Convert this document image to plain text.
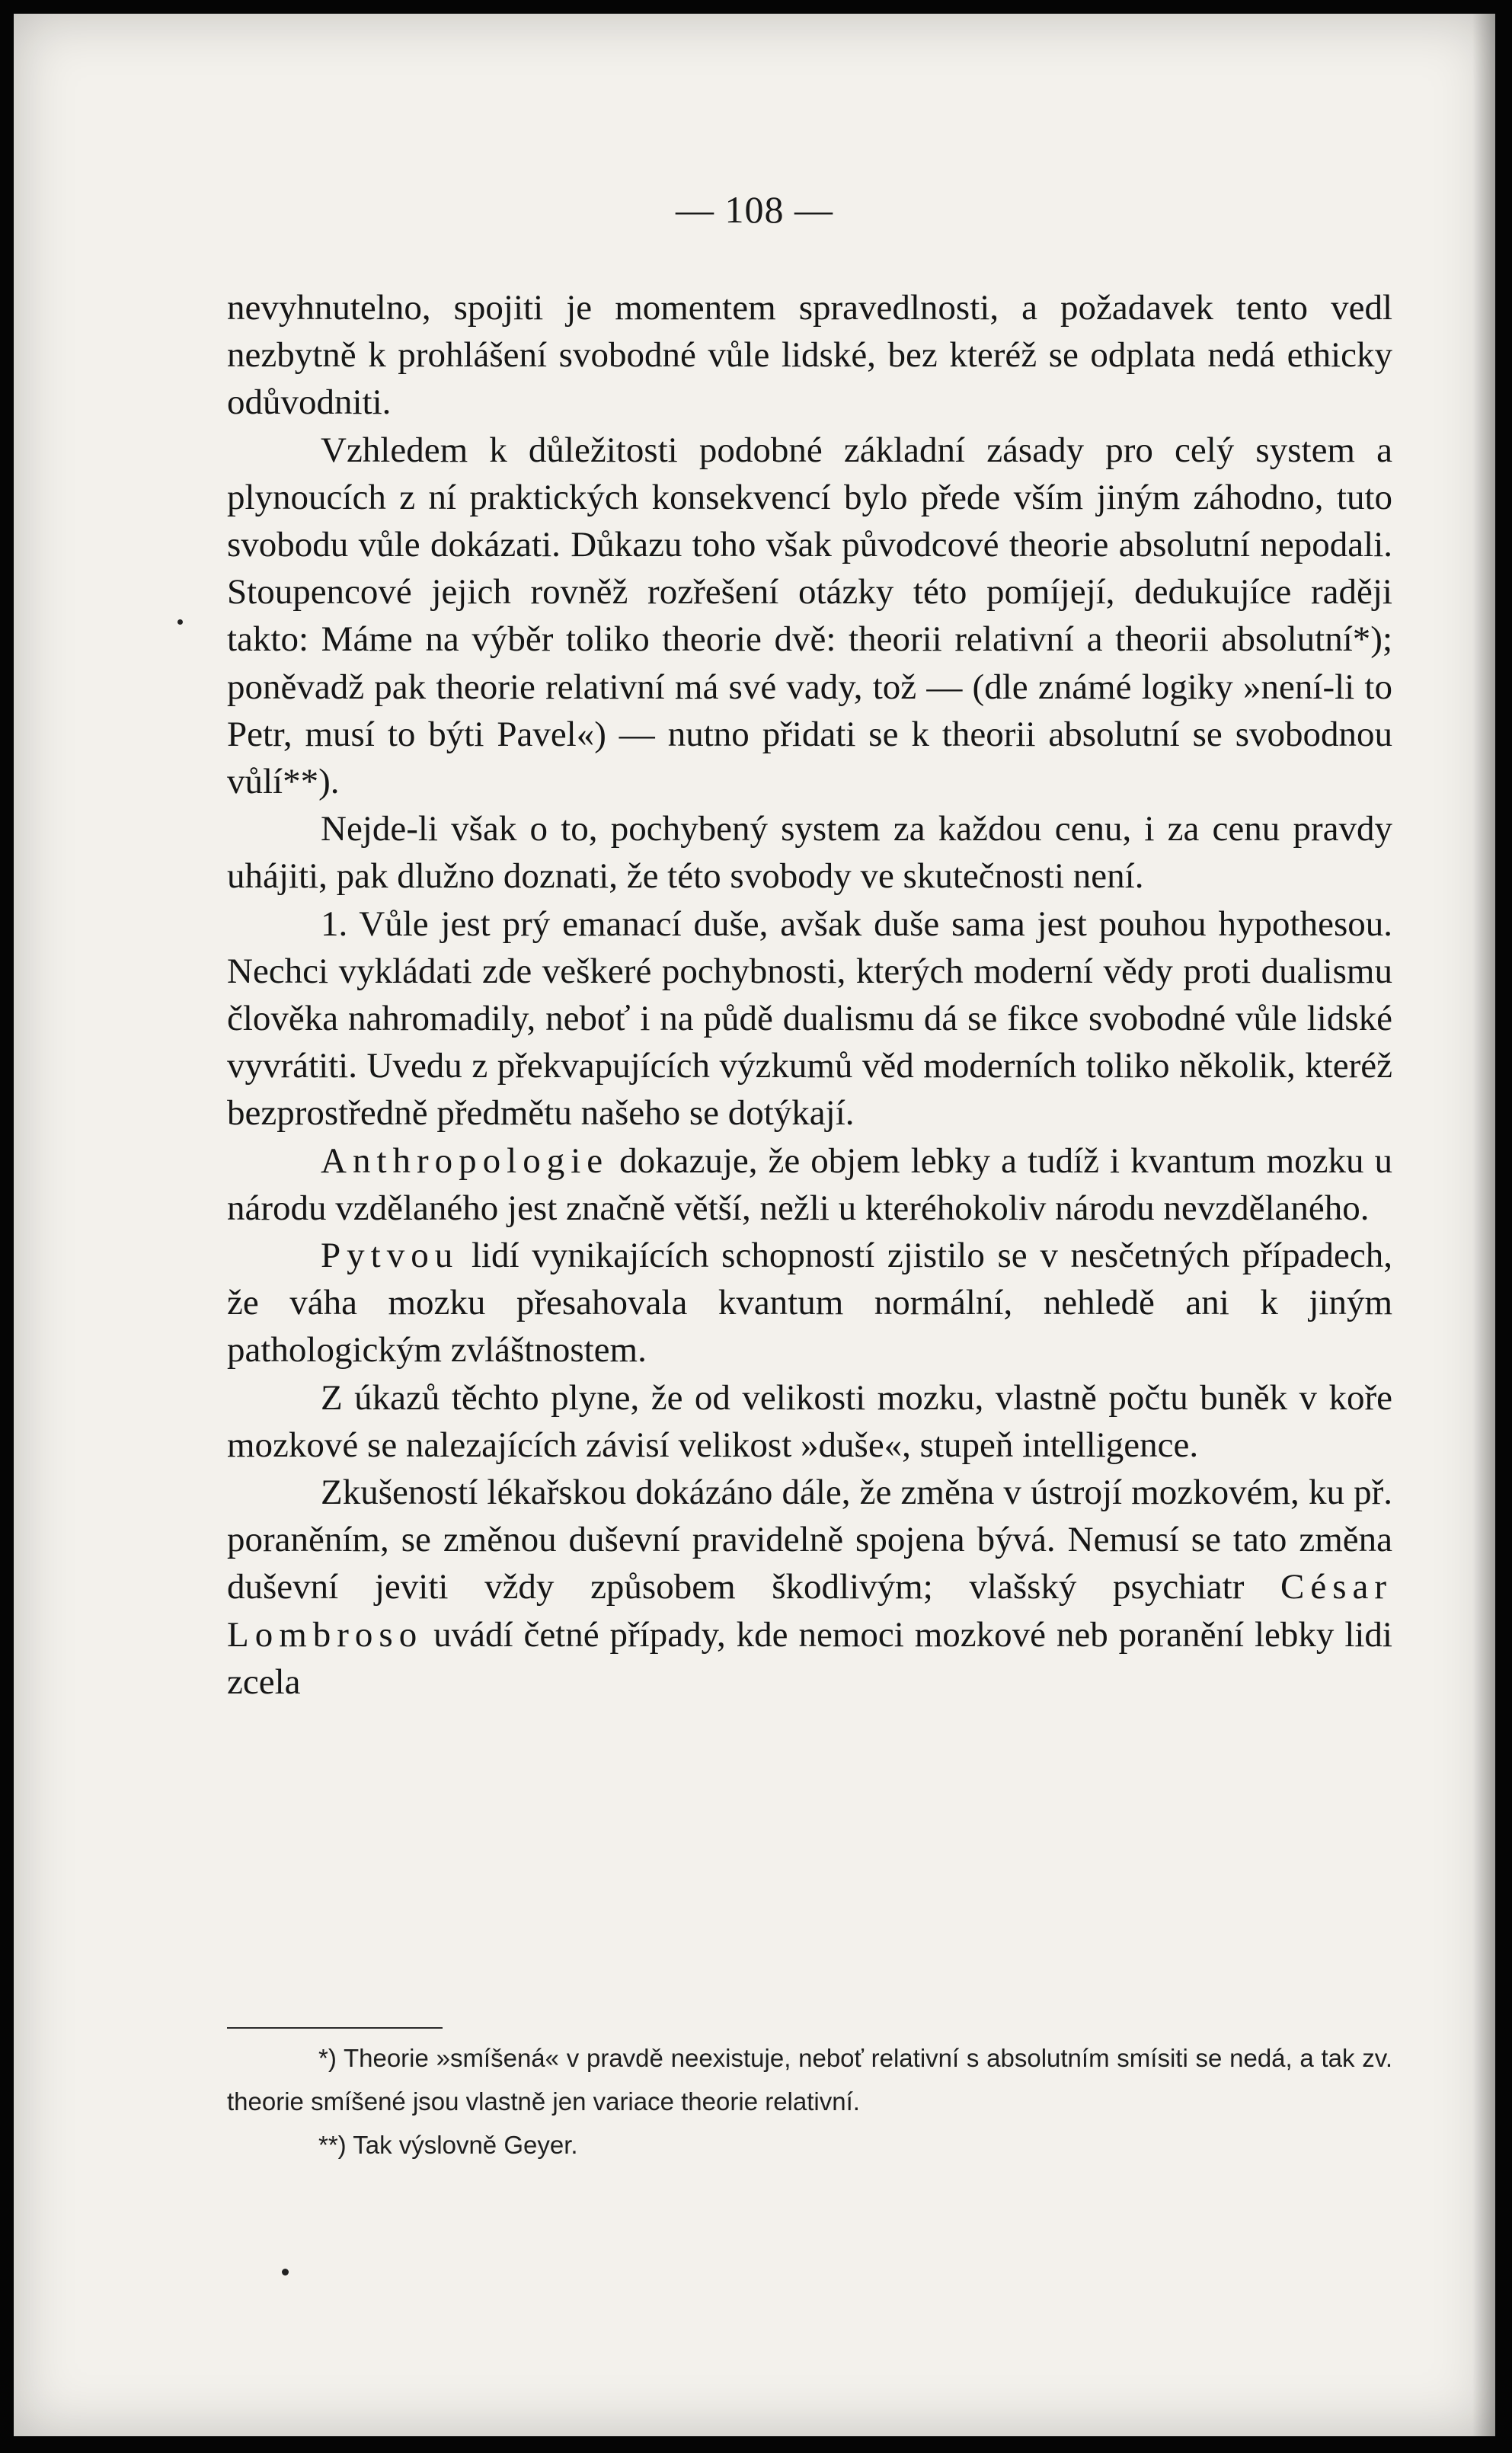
— 108 —

nevyhnutelno, spojiti je momentem spravedlnosti, a požadavek tento vedl nezbytně k prohlášení svobodné vůle lidské, bez kteréž se odplata nedá ethicky odůvodniti.

Vzhledem k důležitosti podobné základní zásady pro celý system a plynoucích z ní praktických konsekvencí bylo přede vším jiným záhodno, tuto svobodu vůle dokázati. Důkazu toho však původcové theorie absolutní nepodali. Stoupencové jejich rovněž rozřešení otázky této pomíjejí, dedukujíce raději takto: Máme na výběr toliko theorie dvě: theorii relativní a theorii absolutní*); poněvadž pak theorie relativní má své vady, tož — (dle známé logiky »není-li to Petr, musí to býti Pavel«) — nutno přidati se k theorii absolutní se svobodnou vůlí**).

Nejde-li však o to, pochybený system za každou cenu, i za cenu pravdy uhájiti, pak dlužno doznati, že této svobody ve skutečnosti není.

1. Vůle jest prý emanací duše, avšak duše sama jest pouhou hypothesou. Nechci vykládati zde veškeré pochybnosti, kterých moderní vědy proti dualismu člověka nahromadily, neboť i na půdě dualismu dá se fikce svobodné vůle lidské vyvrátiti. Uvedu z překvapujících výzkumů věd moderních toliko několik, kteréž bezprostředně předmětu našeho se dotýkají.

Anthropologie dokazuje, že objem lebky a tudíž i kvantum mozku u národu vzdělaného jest značně větší, nežli u kteréhokoliv národu nevzdělaného.

Pytvou lidí vynikajících schopností zjistilo se v nesčetných případech, že váha mozku přesahovala kvantum normální, nehledě ani k jiným pathologickým zvláštnostem.

Z úkazů těchto plyne, že od velikosti mozku, vlastně počtu buněk v koře mozkové se nalezajících závisí velikost »duše«, stupeň intelligence.

Zkušeností lékařskou dokázáno dále, že změna v ústrojí mozkovém, ku př. poraněním, se změnou duševní pravidelně spojena bývá. Nemusí se tato změna duševní jeviti vždy způsobem škodlivým; vlašský psychiatr César Lombroso uvádí četné případy, kde nemoci mozkové neb poranění lebky lidi zcela

*) Theorie »smíšená« v pravdě neexistuje, neboť relativní s absolutním smísiti se nedá, a tak zv. theorie smíšené jsou vlastně jen variace theorie relativní.

**) Tak výslovně Geyer.
